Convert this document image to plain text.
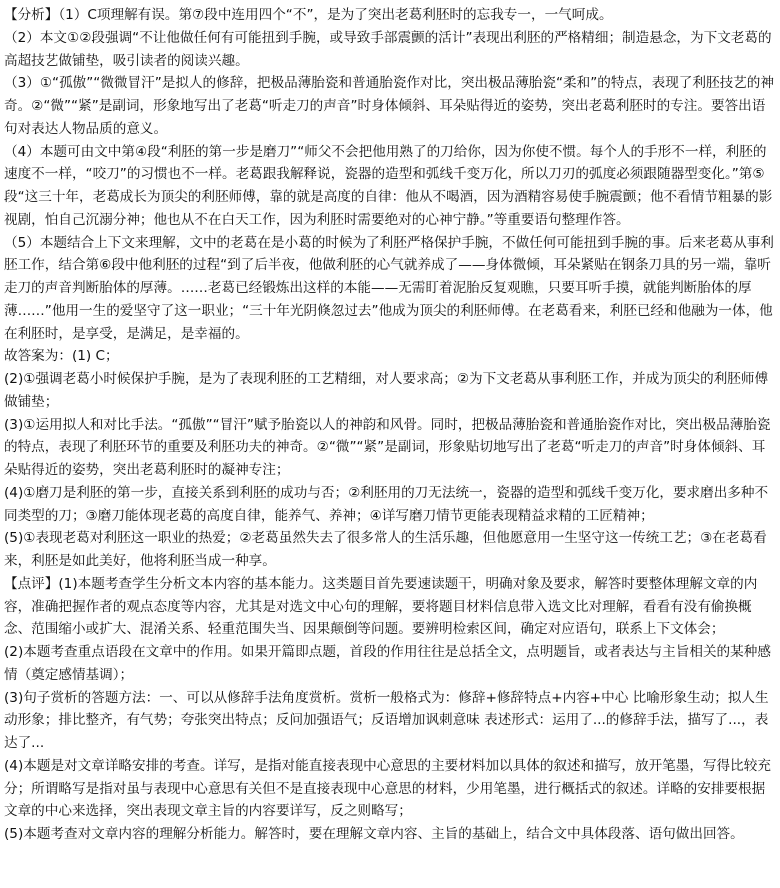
【分析】（1）C项理解有误。第⑦段中连用四个“不”，是为了突出老葛利胚时的忘我专一，一气呵成。

（2）本文①②段强调“不让他做任何有可能扭到手腕，或导致手部震颤的活计”表现出利胚的严格精细；制造悬念，为下文老葛的高超技艺做铺垫，吸引读者的阅读兴趣。

（3）①“孤傲”“微微冒汗”是拟人的修辞，把极品薄胎瓷和普通胎瓷作对比，突出极品薄胎瓷“柔和”的特点，表现了利胚技艺的神奇。②“微”“紧”是副词，形象地写出了老葛“听走刀的声音”时身体倾斜、耳朵贴得近的姿势，突出老葛利胚时的专注。要答出语句对表达人物品质的意义。

（4）本题可由文中第④段“利胚的第一步是磨刀”“师父不会把他用熟了的刀给你，因为你使不惯。每个人的手形不一样，利胚的速度不一样，“咬刀”的习惯也不一样。老葛跟我解释说，瓷器的造型和弧线千变万化，所以刀刃的弧度必须跟随器型变化。”第⑤段“这三十年，老葛成长为顶尖的利胚师傅，靠的就是高度的自律：他从不喝酒，因为酒精容易使手腕震颤；他不看情节粗暴的影视剧，怕自己沉溺分神；他也从不在白天工作，因为利胚时需要绝对的心神宁静。”等重要语句整理作答。

（5）本题结合上下文来理解，文中的老葛在是小葛的时候为了利胚严格保护手腕，不做任何可能扭到手腕的事。后来老葛从事利胚工作，结合第⑥段中他利胚的过程“到了后半夜，他做利胚的心气就养成了——身体微倾，耳朵紧贴在钢条刀具的另一端，靠听走刀的声音判断胎体的厚薄。……老葛已经锻炼出这样的本能——无需盯着泥胎反复观瞧，只要耳听手摸，就能判断胎体的厚薄……”他用一生的爱坚守了这一职业；“三十年光阴倏忽过去”他成为顶尖的利胚师傅。在老葛看来，利胚已经和他融为一体，他在利胚时，是享受，是满足，是幸福的。

故答案为：(1) C；

(2)①强调老葛小时候保护手腕，是为了表现利胚的工艺精细，对人要求高；②为下文老葛从事利胚工作，并成为顶尖的利胚师傅做铺垫；

(3)①运用拟人和对比手法。“孤傲”“冒汗”赋予胎瓷以人的神韵和风骨。同时，把极品薄胎瓷和普通胎瓷作对比，突出极品薄胎瓷的特点，表现了利胚环节的重要及利胚功夫的神奇。②“微”“紧”是副词，形象贴切地写出了老葛“听走刀的声音”时身体倾斜、耳朵贴得近的姿势，突出老葛利胚时的凝神专注；

(4)①磨刀是利胚的第一步，直接关系到利胚的成功与否；②利胚用的刀无法统一，瓷器的造型和弧线千变万化，要求磨出多种不同类型的刀；③磨刀能体现老葛的高度自律，能养气、养神；④详写磨刀情节更能表现精益求精的工匠精神；

(5)①表现老葛对利胚这一职业的热爱；②老葛虽然失去了很多常人的生活乐趣，但他愿意用一生坚守这一传统工艺；③在老葛看来，利胚是如此美好，他将利胚当成一种享。

【点评】(1)本题考查学生分析文本内容的基本能力。这类题目首先要速读题干，明确对象及要求，解答时要整体理解文章的内容，准确把握作者的观点态度等内容，尤其是对选文中心句的理解，要将题目材料信息带入选文比对理解，看看有没有偷换概念、范围缩小或扩大、混淆关系、轻重范围失当、因果颠倒等问题。要辨明检索区间，确定对应语句，联系上下文体会；

(2)本题考查重点语段在文章中的作用。如果开篇即点题，首段的作用往往是总括全文，点明题旨，或者表达与主旨相关的某种感情（奠定感情基调）；

(3)句子赏析的答题方法：一、可以从修辞手法角度赏析。赏析一般格式为：修辞+修辞特点+内容+中心 比喻形象生动；拟人生动形象；排比整齐，有气势；夸张突出特点；反问加强语气；反语增加讽刺意味 表述形式：运用了...的修辞手法，描写了...，表达了...

(4)本题是对文章详略安排的考查。详写，是指对能直接表现中心意思的主要材料加以具体的叙述和描写，放开笔墨，写得比较充分；所谓略写是指对虽与表现中心意思有关但不是直接表现中心意思的材料，少用笔墨，进行概括式的叙述。详略的安排要根据文章的中心来选择，突出表现文章主旨的内容要详写，反之则略写；

(5)本题考查对文章内容的理解分析能力。解答时，要在理解文章内容、主旨的基础上，结合文中具体段落、语句做出回答。
